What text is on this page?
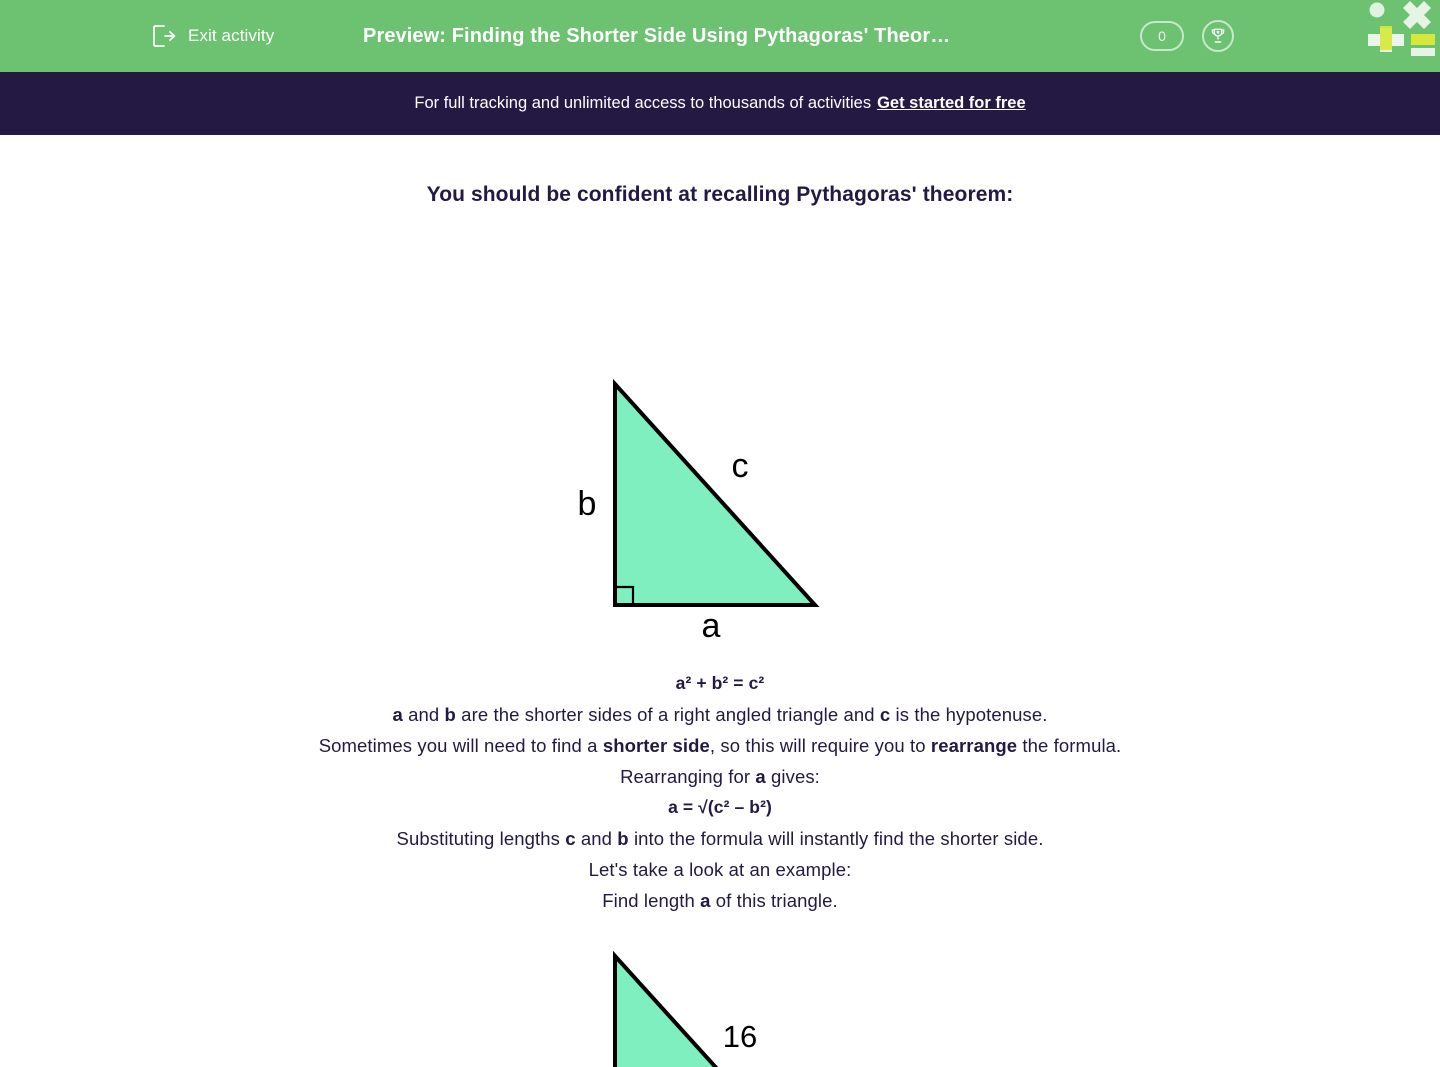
Exit activity	Preview: Finding the Shorter Side Using Pythagoras' Theor…	0
For full tracking and unlimited access to thousands of activities Get started for free
You should be confident at recalling Pythagoras' theorem:
b
c
a

a² + b² = c²

a and b are the shorter sides of a right angled triangle and c is the hypotenuse.

Sometimes you will need to find a shorter side, so this will require you to rearrange the formula.

Rearranging for a gives:

a = √(c² – b²)

Substituting lengths c and b into the formula will instantly find the shorter side.

Let's take a look at an example:

Find length a of this triangle.

16
